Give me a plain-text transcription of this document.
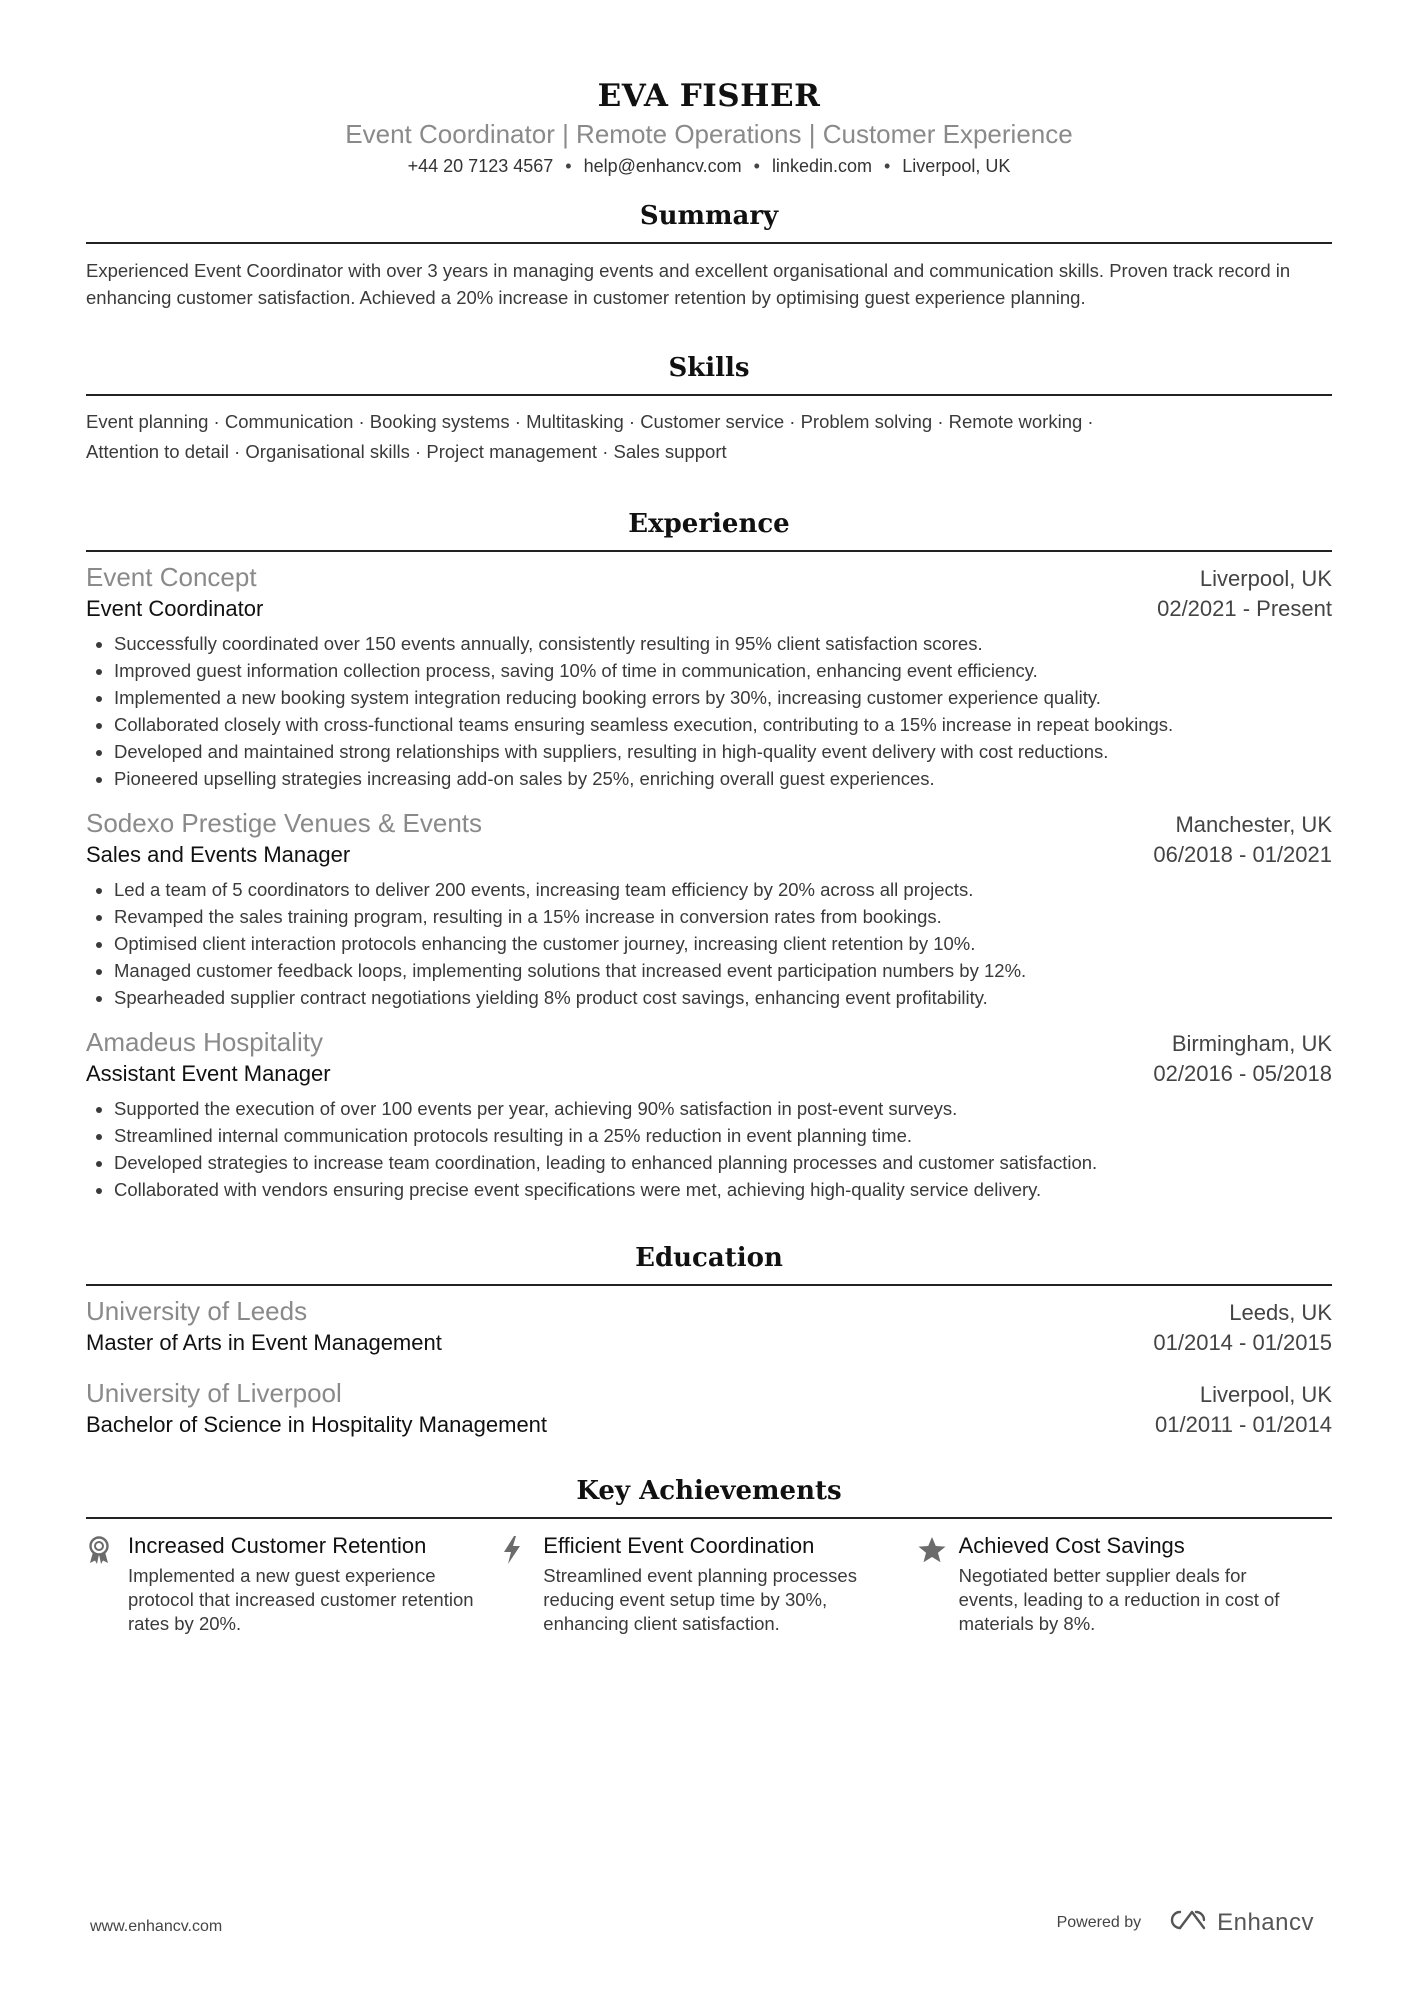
EVA FISHER
Event Coordinator | Remote Operations | Customer Experience
+44 20 7123 4567 • help@enhancv.com • linkedin.com • Liverpool, UK
Summary
Experienced Event Coordinator with over 3 years in managing events and excellent organisational and communication skills. Proven track record in enhancing customer satisfaction. Achieved a 20% increase in customer retention by optimising guest experience planning.
Skills
Event planning · Communication · Booking systems · Multitasking · Customer service · Problem solving · Remote working ·
Attention to detail · Organisational skills · Project management · Sales support
Experience
Event Concept	Liverpool, UK
Event Coordinator	02/2021 - Present
• Successfully coordinated over 150 events annually, consistently resulting in 95% client satisfaction scores.
• Improved guest information collection process, saving 10% of time in communication, enhancing event efficiency.
• Implemented a new booking system integration reducing booking errors by 30%, increasing customer experience quality.
• Collaborated closely with cross-functional teams ensuring seamless execution, contributing to a 15% increase in repeat bookings.
• Developed and maintained strong relationships with suppliers, resulting in high-quality event delivery with cost reductions.
• Pioneered upselling strategies increasing add-on sales by 25%, enriching overall guest experiences.
Sodexo Prestige Venues & Events	Manchester, UK
Sales and Events Manager	06/2018 - 01/2021
• Led a team of 5 coordinators to deliver 200 events, increasing team efficiency by 20% across all projects.
• Revamped the sales training program, resulting in a 15% increase in conversion rates from bookings.
• Optimised client interaction protocols enhancing the customer journey, increasing client retention by 10%.
• Managed customer feedback loops, implementing solutions that increased event participation numbers by 12%.
• Spearheaded supplier contract negotiations yielding 8% product cost savings, enhancing event profitability.
Amadeus Hospitality	Birmingham, UK
Assistant Event Manager	02/2016 - 05/2018
• Supported the execution of over 100 events per year, achieving 90% satisfaction in post-event surveys.
• Streamlined internal communication protocols resulting in a 25% reduction in event planning time.
• Developed strategies to increase team coordination, leading to enhanced planning processes and customer satisfaction.
• Collaborated with vendors ensuring precise event specifications were met, achieving high-quality service delivery.
Education
University of Leeds	Leeds, UK
Master of Arts in Event Management	01/2014 - 01/2015
University of Liverpool	Liverpool, UK
Bachelor of Science in Hospitality Management	01/2011 - 01/2014
Key Achievements
Increased Customer Retention
Implemented a new guest experience protocol that increased customer retention rates by 20%.
Efficient Event Coordination
Streamlined event planning processes reducing event setup time by 30%, enhancing client satisfaction.
Achieved Cost Savings
Negotiated better supplier deals for events, leading to a reduction in cost of materials by 8%.
www.enhancv.com	Powered by	Enhancv
